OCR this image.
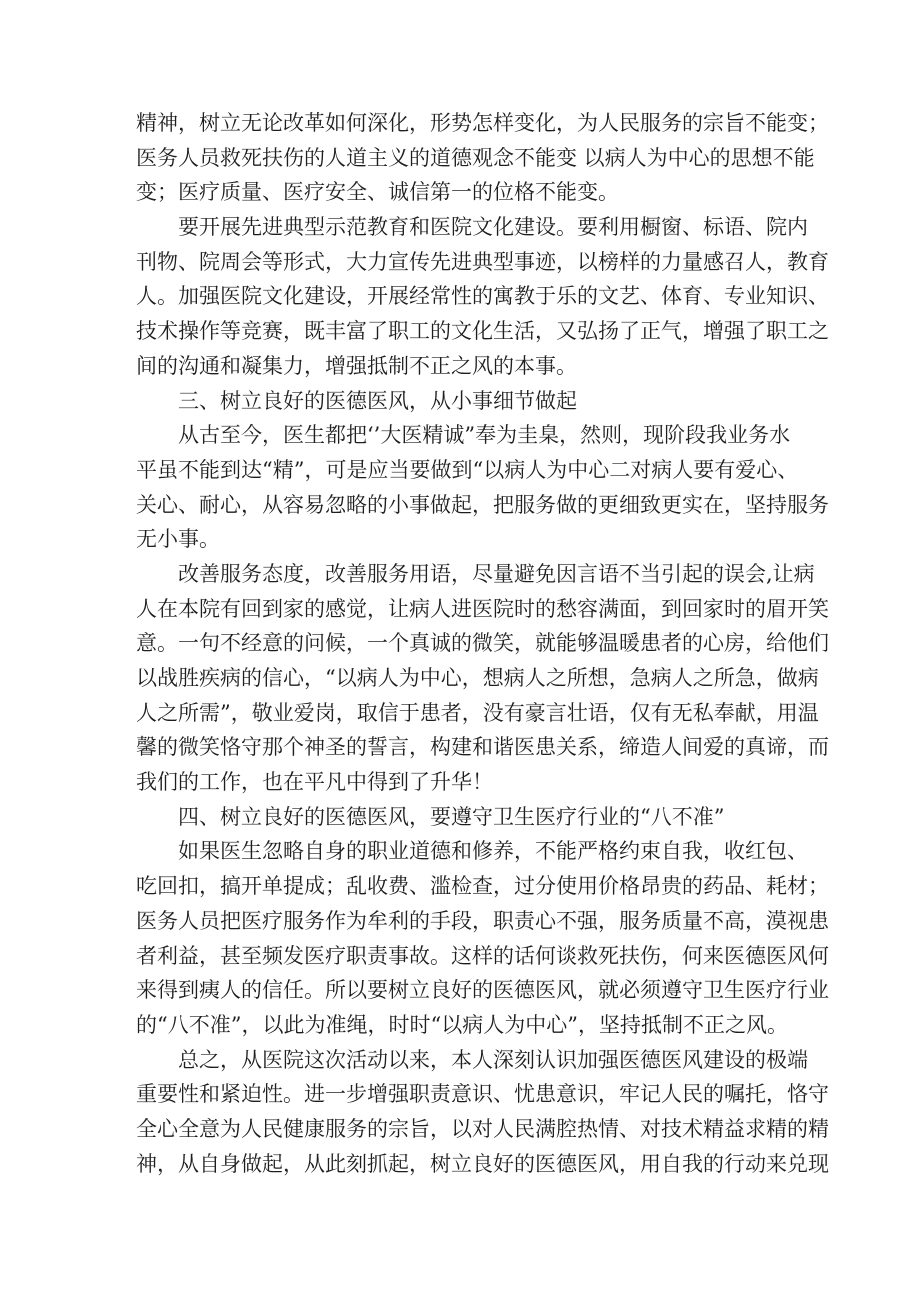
精神，树立无论改革如何深化，形势怎样变化，为人民服务的宗旨不能变；
医务人员救死扶伤的人道主义的道德观念不能变 以病人为中心的思想不能
变；医疗质量、医疗安全、诚信第一的位格不能变。
要开展先进典型示范教育和医院文化建设。要利用橱窗、标语、院内
刊物、院周会等形式，大力宣传先进典型事迹，以榜样的力量感召人，教育
人。加强医院文化建设，开展经常性的寓教于乐的文艺、体育、专业知识、
技术操作等竞赛，既丰富了职工的文化生活，又弘扬了正气，增强了职工之
间的沟通和凝集力，增强抵制不正之风的本事。
三、树立良好的医德医风，从小事细节做起
从古至今，医生都把‘’大医精诚”奉为圭臬，然则，现阶段我业务水
平虽不能到达“精”，可是应当要做到“以病人为中心二对病人要有爱心、
关心、耐心，从容易忽略的小事做起，把服务做的更细致更实在，坚持服务
无小事。
改善服务态度，改善服务用语，尽量避免因言语不当引起的误会,让病
人在本院有回到家的感觉，让病人进医院时的愁容满面，到回家时的眉开笑
意。一句不经意的问候，一个真诚的微笑，就能够温暖患者的心房，给他们
以战胜疾病的信心，“以病人为中心，想病人之所想，急病人之所急，做病
人之所需”，敬业爱岗，取信于患者，没有豪言壮语，仅有无私奉献，用温
馨的微笑恪守那个神圣的誓言，构建和谐医患关系，缔造人间爱的真谛，而
我们的工作，也在平凡中得到了升华！
四、树立良好的医德医风，要遵守卫生医疗行业的“八不准”
如果医生忽略自身的职业道德和修养，不能严格约束自我，收红包、
吃回扣，搞开单提成；乱收费、滥检查，过分使用价格昂贵的药品、耗材；
医务人员把医疗服务作为牟利的手段，职责心不强，服务质量不高，漠视患
者利益，甚至频发医疗职责事故。这样的话何谈救死扶伤，何来医德医风何
来得到痍人的信任。所以要树立良好的医德医风，就必须遵守卫生医疗行业
的“八不准”，以此为准绳，时时“以病人为中心”，坚持抵制不正之风。
总之，从医院这次活动以来，本人深刻认识加强医德医风建设的极端
重要性和紧迫性。进一步增强职责意识、忧患意识，牢记人民的嘱托，恪守
全心全意为人民健康服务的宗旨，以对人民满腔热情、对技术精益求精的精
神，从自身做起，从此刻抓起，树立良好的医德医风，用自我的行动来兑现
